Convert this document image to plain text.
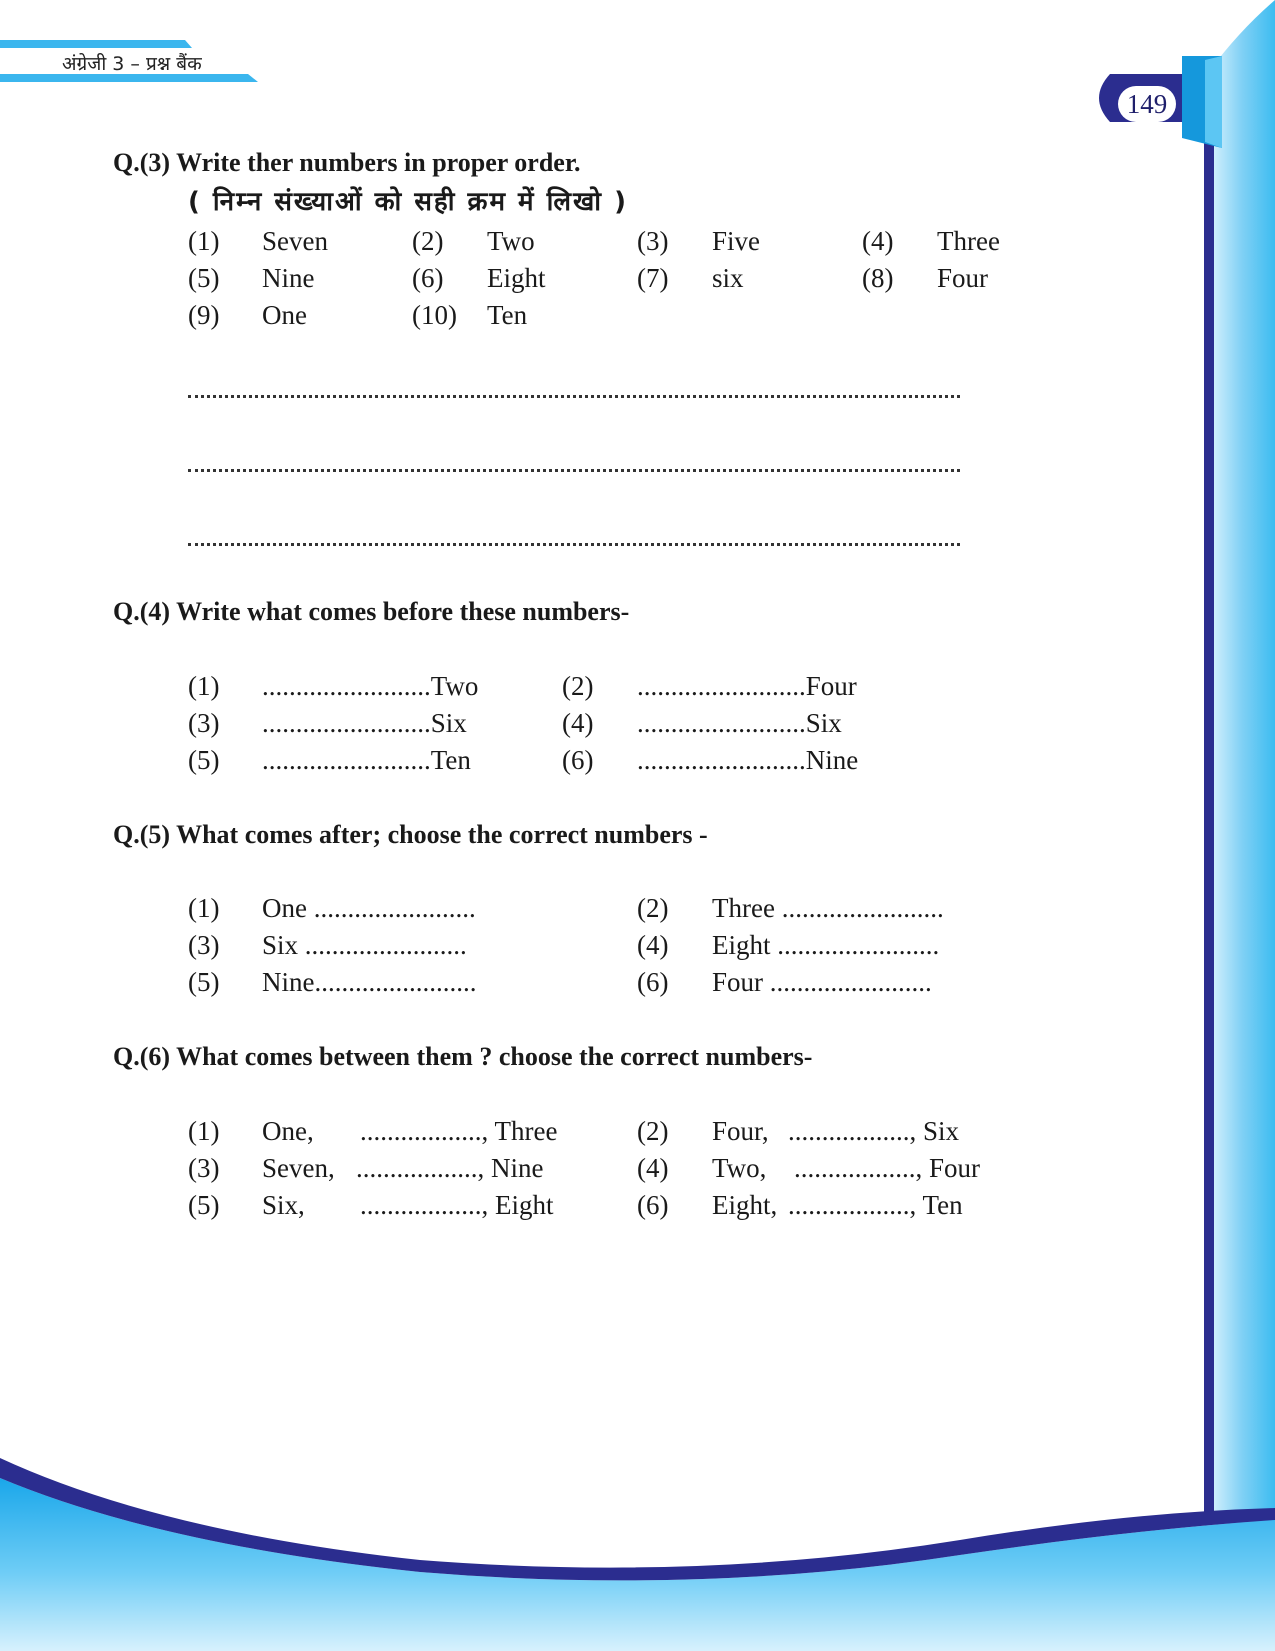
अंग्रेजी 3 – प्रश्न बैंक
149
Q.(3) Write ther numbers in proper order.
( निम्न संख्याओं को सही क्रम में लिखो )
(1) Seven	(2) Two	(3) Five	(4) Three
(5) Nine	(6) Eight	(7) six	(8) Four
(9) One	(10) Ten
Q.(4) Write what comes before these numbers-
(1) .........................Two	(2) .........................Four
(3) .........................Six	(4) .........................Six
(5) .........................Ten	(6) .........................Nine
Q.(5) What comes after; choose the correct numbers -
(1) One ........................	(2) Three ........................
(3) Six ........................	(4) Eight ........................
(5) Nine........................	(6) Four ........................
Q.(6) What comes between them ? choose the correct numbers-
(1) One, .................., Three	(2) Four, .................., Six
(3) Seven, .................., Nine	(4) Two, .................., Four
(5) Six, .................., Eight	(6) Eight, .................., Ten
